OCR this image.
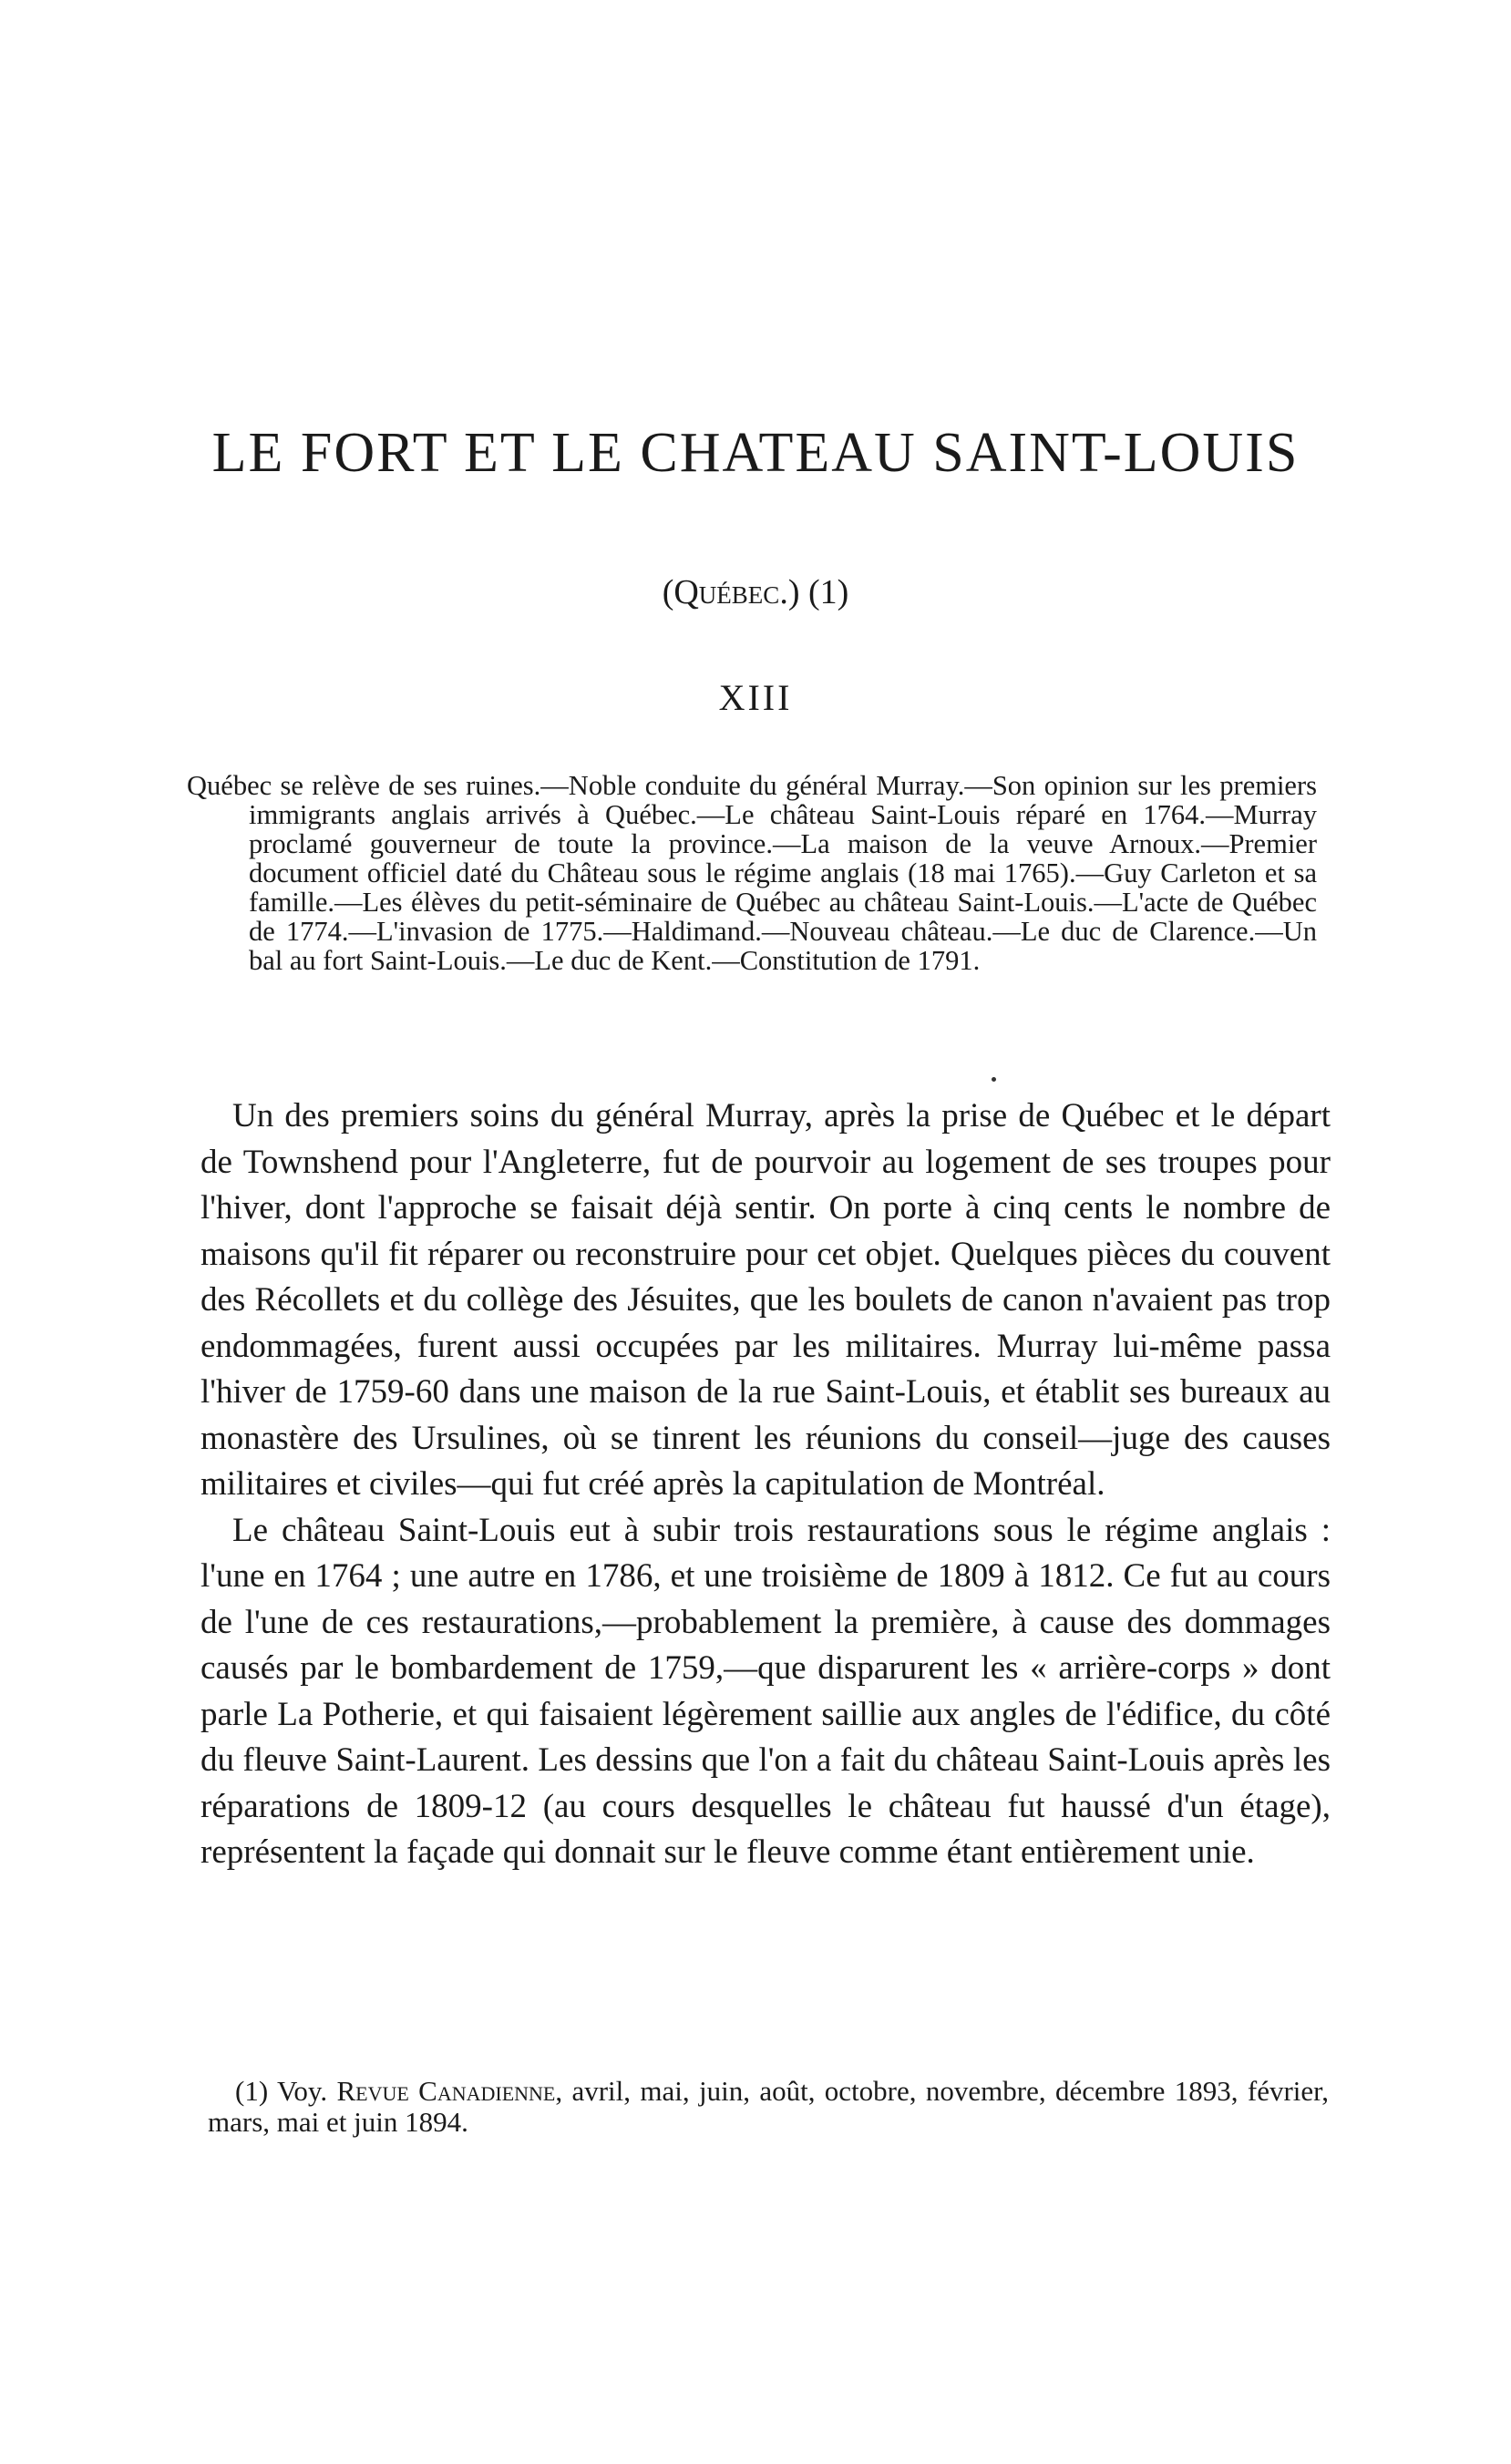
LE FORT ET LE CHATEAU SAINT-LOUIS
(Québec.) (1)
XIII

Québec se relève de ses ruines.—Noble conduite du général Murray.—Son opinion sur les premiers immigrants anglais arrivés à Québec.—Le château Saint-Louis réparé en 1764.—Murray proclamé gouverneur de toute la province.—La maison de la veuve Arnoux.—Premier document officiel daté du Château sous le régime anglais (18 mai 1765).—Guy Carleton et sa famille.—Les élèves du petit-séminaire de Québec au château Saint-Louis.—L'acte de Québec de 1774.—L'invasion de 1775.—Haldimand.—Nouveau château.—Le duc de Clarence.—Un bal au fort Saint-Louis.—Le duc de Kent.—Constitution de 1791.

Un des premiers soins du général Murray, après la prise de Québec et le départ de Townshend pour l'Angleterre, fut de pourvoir au logement de ses troupes pour l'hiver, dont l'approche se faisait déjà sentir. On porte à cinq cents le nombre de maisons qu'il fit réparer ou reconstruire pour cet objet. Quelques pièces du couvent des Récollets et du collège des Jésuites, que les boulets de canon n'avaient pas trop endommagées, furent aussi occupées par les militaires. Murray lui-même passa l'hiver de 1759-60 dans une maison de la rue Saint-Louis, et établit ses bureaux au monastère des Ursulines, où se tinrent les réunions du conseil—juge des causes militaires et civiles—qui fut créé après la capitulation de Montréal.

Le château Saint-Louis eut à subir trois restaurations sous le régime anglais : l'une en 1764 ; une autre en 1786, et une troisième de 1809 à 1812. Ce fut au cours de l'une de ces restaurations,—probablement la première, à cause des dommages causés par le bombardement de 1759,—que disparurent les « arrière-corps » dont parle La Potherie, et qui faisaient légèrement saillie aux angles de l'édifice, du côté du fleuve Saint-Laurent. Les dessins que l'on a fait du château Saint-Louis après les réparations de 1809-12 (au cours desquelles le château fut haussé d'un étage), représentent la façade qui donnait sur le fleuve comme étant entièrement unie.

(1) Voy. Revue Canadienne, avril, mai, juin, août, octobre, novembre, décembre 1893, février, mars, mai et juin 1894.
